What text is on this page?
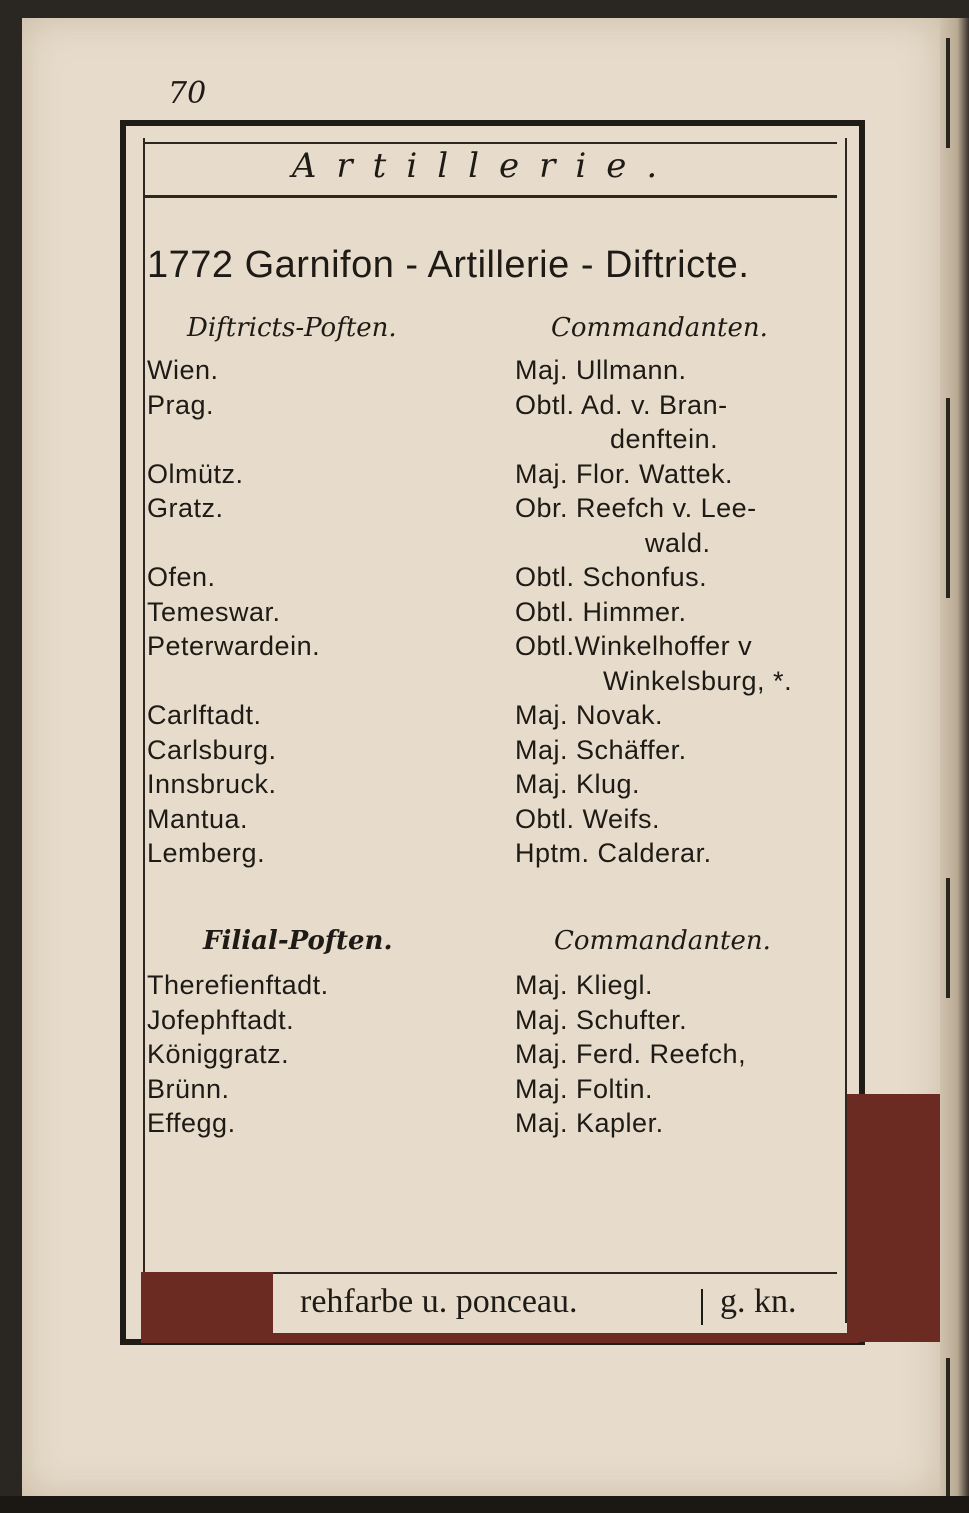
70
Artillerie.
1772 Garnifon - Artillerie - Diftricte.
Diftricts-Poften.	Commandanten.
Wien.	Maj. Ullmann.
Prag.	Obtl. Ad. v. Bran-
denftein.
Olmütz.	Maj. Flor. Wattek.
Gratz.	Obr. Reefch v. Lee-
wald.
Ofen.	Obtl. Schonfus.
Temeswar.	Obtl. Himmer.
Peterwardein.	Obtl.Winkelhoffer v
Winkelsburg, *.
Carlftadt.	Maj. Novak.
Carlsburg.	Maj. Schäffer.
Innsbruck.	Maj. Klug.
Mantua.	Obtl. Weifs.
Lemberg.	Hptm. Calderar.
Filial-Poften.	Commandanten.
Therefienftadt.	Maj. Kliegl.
Jofephftadt.	Maj. Schufter.
Königgratz.	Maj. Ferd. Reefch,
Brünn.	Maj. Foltin.
Effegg.	Maj. Kapler.
rehfarbe u. ponceau.	g. kn.
